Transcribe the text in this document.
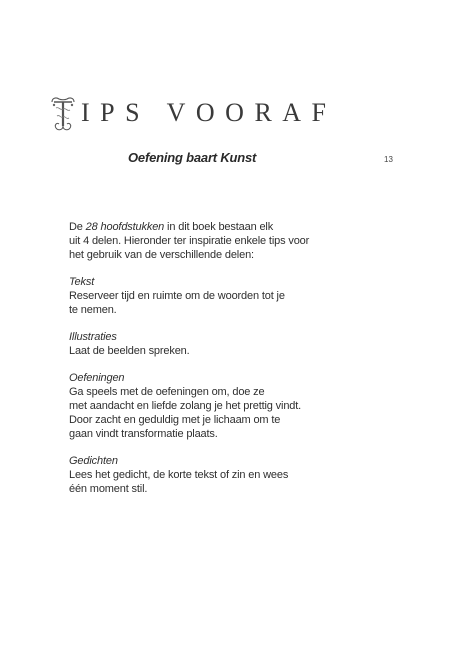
IPS VOORAF
Oefening baart Kunst	13

De 28 hoofdstukken in dit boek bestaan elk
uit 4 delen. Hieronder ter inspiratie enkele tips voor
het gebruik van de verschillende delen:

Tekst
Reserveer tijd en ruimte om de woorden tot je
te nemen.

Illustraties
Laat de beelden spreken.

Oefeningen
Ga speels met de oefeningen om, doe ze
met aandacht en liefde zolang je het prettig vindt.
Door zacht en geduldig met je lichaam om te
gaan vindt transformatie plaats.

Gedichten
Lees het gedicht, de korte tekst of zin en wees
één moment stil.
